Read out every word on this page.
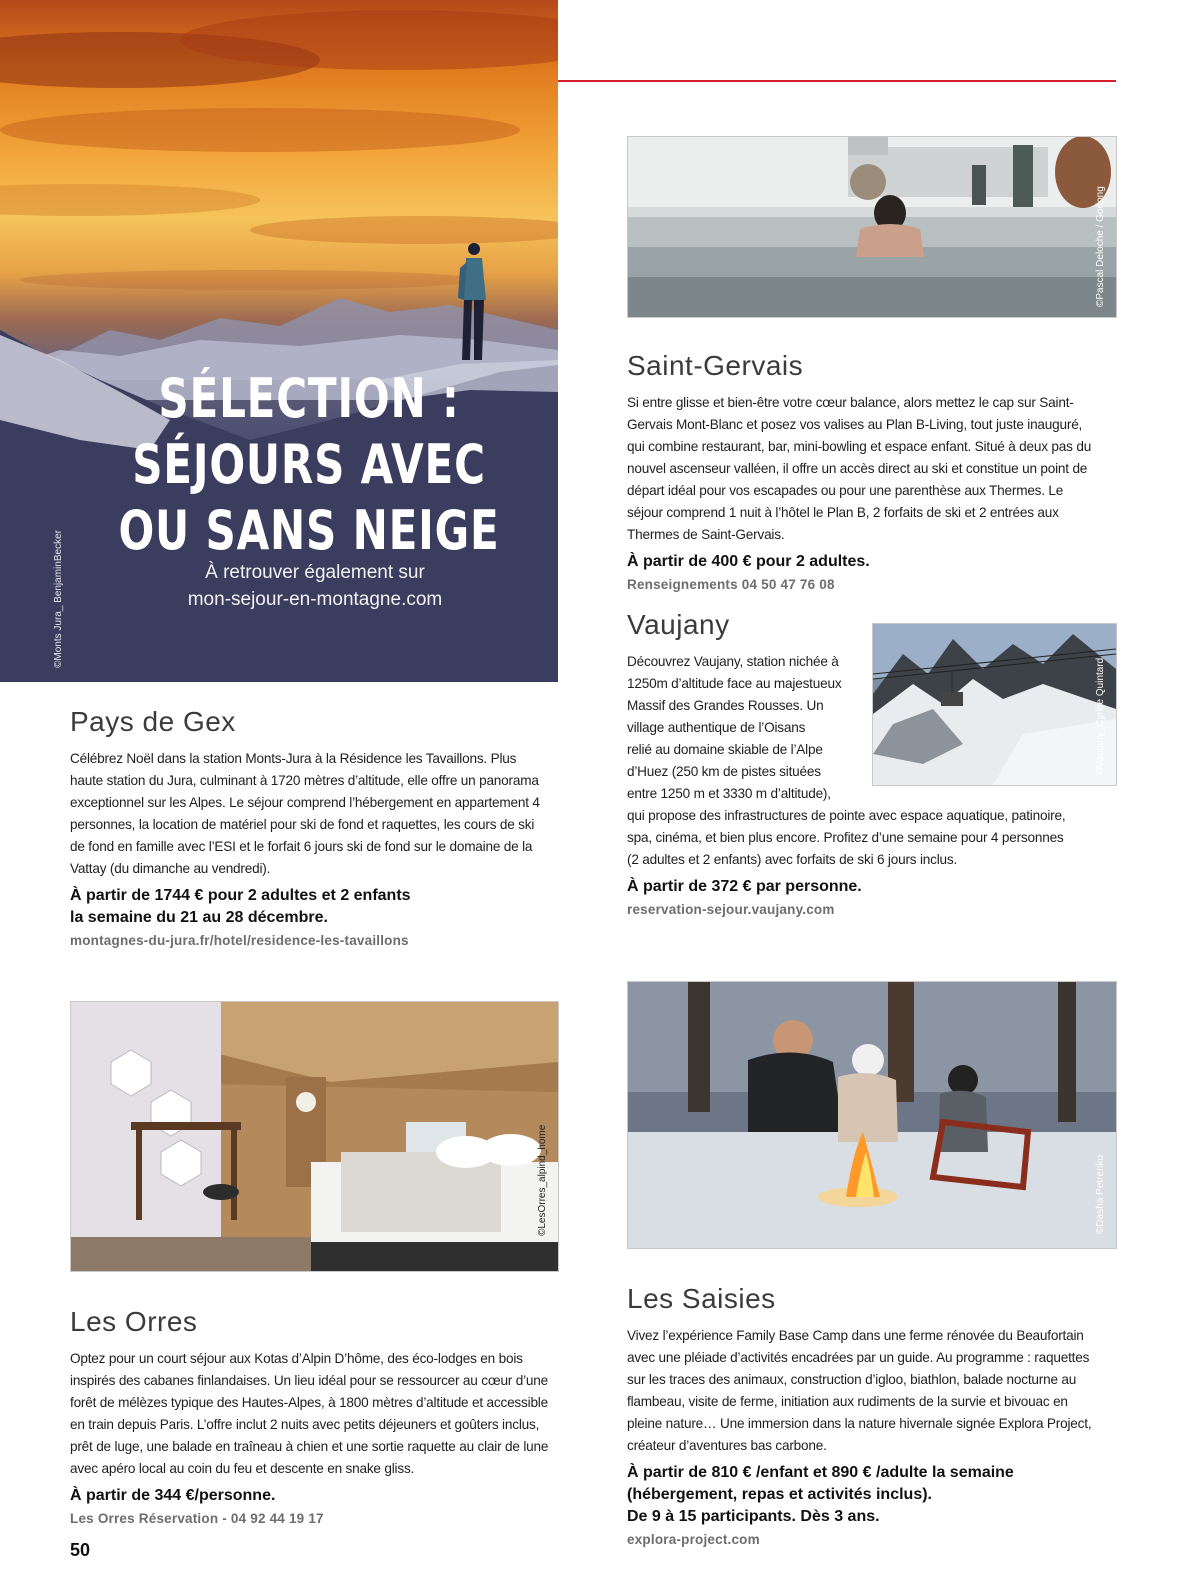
SÉLECTION :
SÉJOURS AVEC
OU SANS NEIGE
À retrouver également sur
mon-sejour-en-montagne.com
©Monts Jura_ BenjaminBecker
©Pascal Deloche / Godong
Saint-Gervais

Si entre glisse et bien-être votre cœur balance, alors mettez le cap sur Saint-Gervais Mont-Blanc et posez vos valises au Plan B-Living, tout juste inauguré, qui combine restaurant, bar, mini-bowling et espace enfant. Situé à deux pas du nouvel ascenseur valléen, il offre un accès direct au ski et constitue un point de départ idéal pour vos escapades ou pour une parenthèse aux Thermes. Le séjour comprend 1 nuit à l’hôtel le Plan B, 2 forfaits de ski et 2 entrées aux Thermes de Saint-Gervais.

À partir de 400 € pour 2 adultes.

Renseignements 04 50 47 76 08

©Vaujany_Cyrille Quintard
Vaujany
Découvrez Vaujany, station nichée à
1250m d’altitude face au majestueux
Massif des Grandes Rousses. Un
village authentique de l’Oisans
relié au domaine skiable de l’Alpe
d’Huez (250 km de pistes situées
entre 1250 m et 3330 m d’altitude),
qui propose des infrastructures de pointe avec espace aquatique, patinoire,
spa, cinéma, et bien plus encore. Profitez d’une semaine pour 4 personnes
(2 adultes et 2 enfants) avec forfaits de ski 6 jours inclus.

À partir de 372 € par personne.

reservation-sejour.vaujany.com

Pays de Gex

Célébrez Noël dans la station Monts-Jura à la Résidence les Tavaillons. Plus haute station du Jura, culminant à 1720 mètres d’altitude, elle offre un panorama exceptionnel sur les Alpes. Le séjour comprend l’hébergement en appartement 4 personnes, la location de matériel pour ski de fond et raquettes, les cours de ski de fond en famille avec l’ESI et le forfait 6 jours ski de fond sur le domaine de la Vattay (du dimanche au vendredi).

À partir de 1744 € pour 2 adultes et 2 enfants

la semaine du 21 au 28 décembre.

montagnes-du-jura.fr/hotel/residence-les-tavaillons

©LesOrres_alpind_home
Les Orres

Optez pour un court séjour aux Kotas d’Alpin D’hôme, des éco-lodges en bois inspirés des cabanes finlandaises. Un lieu idéal pour se ressourcer au cœur d’une forêt de mélèzes typique des Hautes-Alpes, à 1800 mètres d’altitude et accessible en train depuis Paris. L’offre inclut 2 nuits avec petits déjeuners et goûters inclus, prêt de luge, une balade en traîneau à chien et une sortie raquette au clair de lune avec apéro local au coin du feu et descente en snake gliss.

À partir de 344 €/personne.

Les Orres Réservation - 04 92 44 19 17

©Dasha Petrenko
Les Saisies

Vivez l’expérience Family Base Camp dans une ferme rénovée du Beaufortain avec une pléiade d’activités encadrées par un guide. Au programme : raquettes sur les traces des animaux, construction d’igloo, biathlon, balade nocturne au flambeau, visite de ferme, initiation aux rudiments de la survie et bivouac en pleine nature… Une immersion dans la nature hivernale signée Explora Project, créateur d’aventures bas carbone.

À partir de 810 € /enfant et 890 € /adulte la semaine

(hébergement, repas et activités inclus).

De 9 à 15 participants. Dès 3 ans.

explora-project.com

50
